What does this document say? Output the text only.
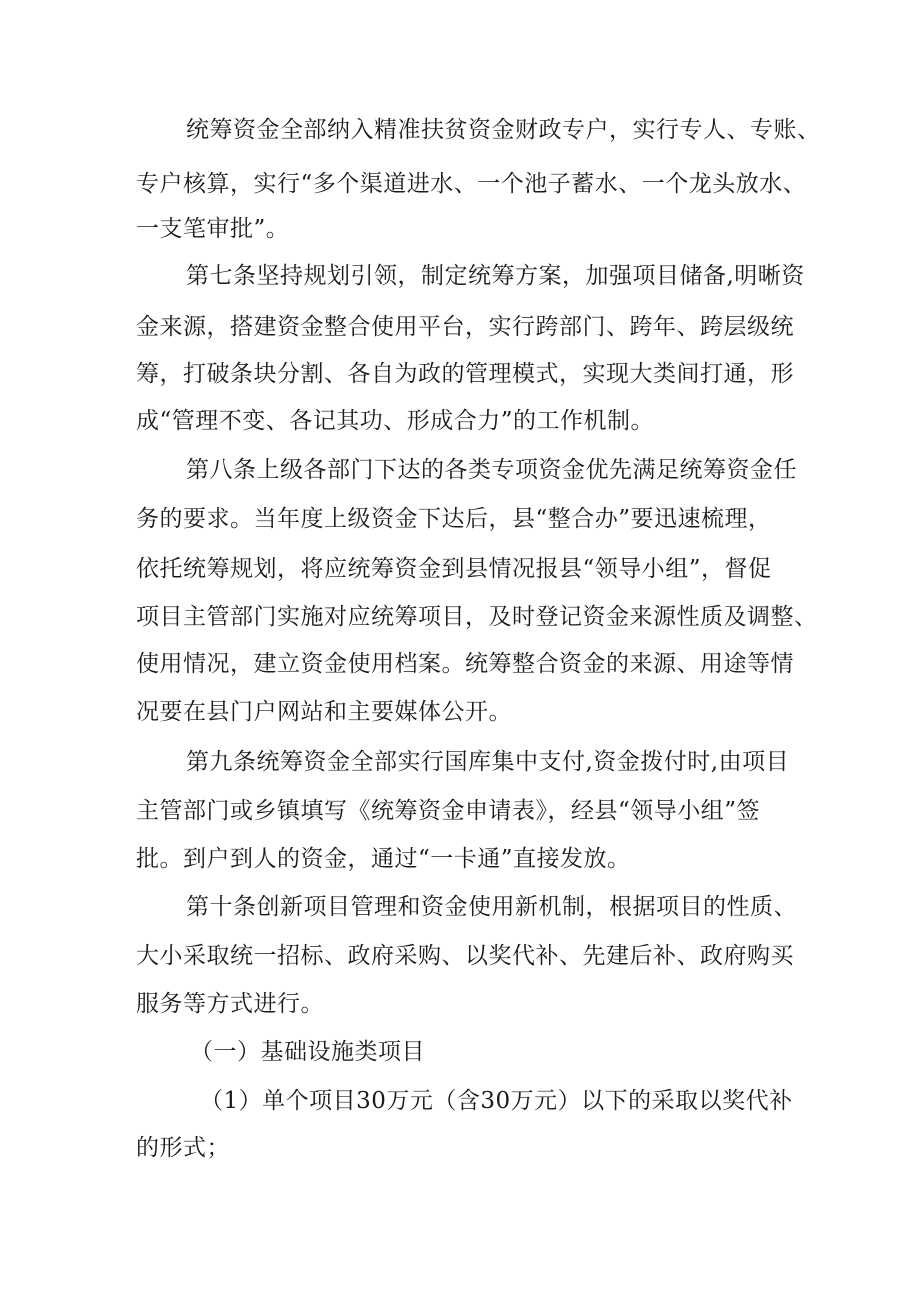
统筹资金全部纳入精准扶贫资金财政专户，实行专人、专账、
专户核算，实行“多个渠道进水、一个池子蓄水、一个龙头放水、
一支笔审批”。
第七条坚持规划引领，制定统筹方案，加强项目储备,明晰资
金来源，搭建资金整合使用平台，实行跨部门、跨年、跨层级统
筹，打破条块分割、各自为政的管理模式，实现大类间打通，形
成“管理不变、各记其功、形成合力”的工作机制。
第八条上级各部门下达的各类专项资金优先满足统筹资金任
务的要求。当年度上级资金下达后，县“整合办”要迅速梳理，
依托统筹规划，将应统筹资金到县情况报县“领导小组”，督促
项目主管部门实施对应统筹项目，及时登记资金来源性质及调整、
使用情况，建立资金使用档案。统筹整合资金的来源、用途等情
况要在县门户网站和主要媒体公开。
第九条统筹资金全部实行国库集中支付,资金拨付时,由项目
主管部门或乡镇填写《统筹资金申请表》，经县“领导小组”签
批。到户到人的资金，通过“一卡通”直接发放。
第十条创新项目管理和资金使用新机制，根据项目的性质、
大小采取统一招标、政府采购、以奖代补、先建后补、政府购买
服务等方式进行。
（一）基础设施类项目
（1）单个项目30万元（含30万元）以下的采取以奖代补
的形式；
